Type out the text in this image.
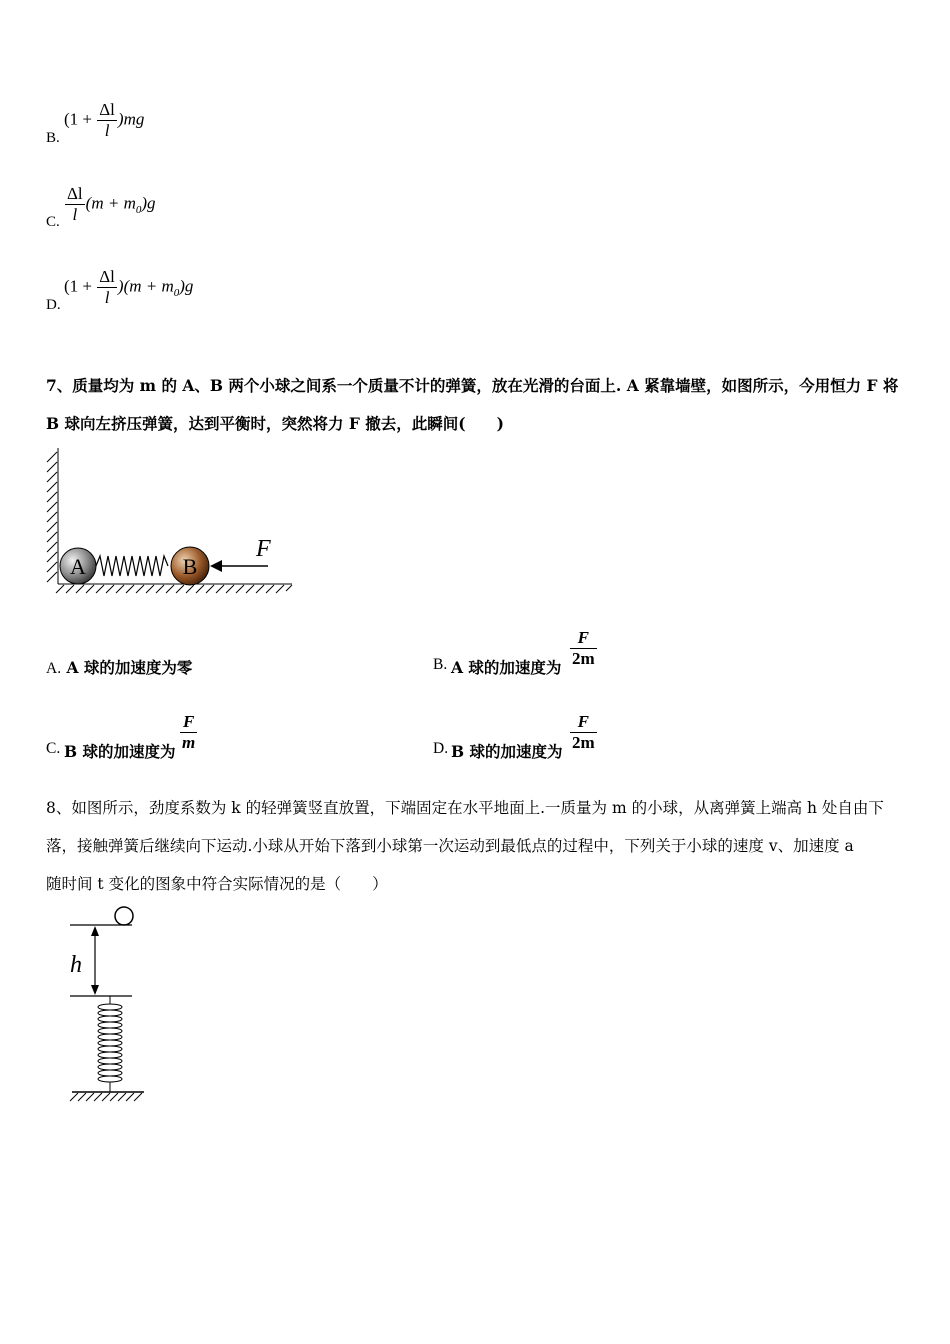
B.
$(1 + \frac{\Delta l}{l} )mg$
C. $\frac{\Delta l}{l} (m + m_0)g$
D.
$(1 + \frac{\Delta l}{l} )(m + m_0)g$
7、质量均为 m 的 A、B 两个小球之间系一个质量不计的弹簧，放在光滑的台面上. A 紧靠墙壁，如图所示，今用恒力 F 将
B 球向左挤压弹簧，达到平衡时，突然将力 F 撤去，此瞬间(　　)
A	B
F
A. A 球的加速度为零	B. A 球的加速度为 $\frac{F}{2m}$
C. B 球的加速度为 $\frac{F}{m}$	D. B 球的加速度为 $\frac{F}{2m}$
8、如图所示，劲度系数为 k 的轻弹簧竖直放置，下端固定在水平地面上.一质量为 m 的小球，从离弹簧上端高 h 处自由下
落，接触弹簧后继续向下运动.小球从开始下落到小球第一次运动到最低点的过程中，下列关于小球的速度 v、加速度 a
随时间 t 变化的图象中符合实际情况的是（　　）
h
